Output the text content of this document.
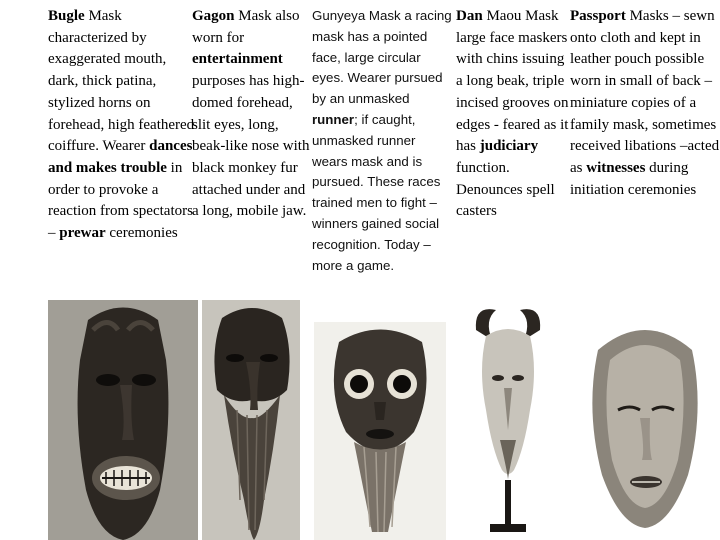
Bugle Mask characterized by exaggerated mouth, dark, thick patina, stylized horns on forehead, high feathered coiffure. Wearer dances and makes trouble in order to provoke a reaction from spectators – prewar ceremonies

Gagon Mask also worn for entertainment purposes has high-domed forehead, slit eyes, long, beak-like nose with black monkey fur attached under and a long, mobile jaw.

Gunyeya Mask a racing mask has a pointed face, large circular eyes. Wearer pursued by an unmasked runner; if caught, unmasked runner wears mask and is pursued. These races trained men to fight – winners gained social recognition. Today – more a game.

Dan Maou Mask large face maskers with chins issuing a long beak, triple incised grooves on edges - feared as it has judiciary function. Denounces spell casters

Passport Masks – sewn onto cloth and kept in leather pouch possible worn in small of back – miniature copies of a family mask, sometimes received libations –acted as witnesses during initiation ceremonies
